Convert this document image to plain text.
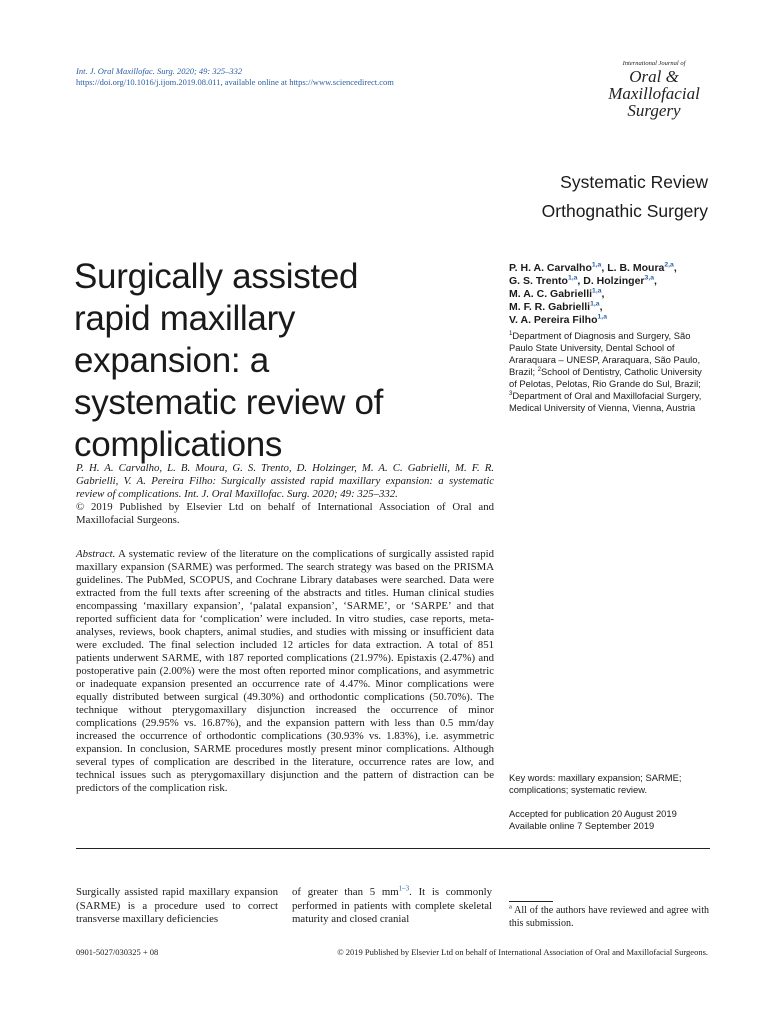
Int. J. Oral Maxillofac. Surg. 2020; 49: 325–332
https://doi.org/10.1016/j.ijom.2019.08.011, available online at https://www.sciencedirect.com
International Journal of
Oral &
Maxillofacial
Surgery
Systematic Review
Orthognathic Surgery
Surgically assisted rapid maxillary expansion: a systematic review of complications
P. H. A. Carvalho$^{1,a}$, L. B. Moura$^{2,a}$,
G. S. Trento$^{1,a}$, D. Holzinger$^{3,a}$,
M. A. C. Gabrielli$^{1,a}$,
M. F. R. Gabrielli$^{1,a}$,
V. A. Pereira Filho$^{1,a}$
$^1$Department of Diagnosis and Surgery, São Paulo State University, Dental School of Araraquara – UNESP, Araraquara, São Paulo, Brazil; $^2$School of Dentistry, Catholic University of Pelotas, Pelotas, Rio Grande do Sul, Brazil; $^3$Department of Oral and Maxillofacial Surgery, Medical University of Vienna, Vienna, Austria
P. H. A. Carvalho, L. B. Moura, G. S. Trento, D. Holzinger, M. A. C. Gabrielli, M. F. R. Gabrielli, V. A. Pereira Filho: Surgically assisted rapid maxillary expansion: a systematic review of complications. Int. J. Oral Maxillofac. Surg. 2020; 49: 325–332.
© 2019 Published by Elsevier Ltd on behalf of International Association of Oral and Maxillofacial Surgeons.
Abstract. A systematic review of the literature on the complications of surgically assisted rapid maxillary expansion (SARME) was performed. The search strategy was based on the PRISMA guidelines. The PubMed, SCOPUS, and Cochrane Library databases were searched. Data were extracted from the full texts after screening of the abstracts and titles. Human clinical studies encompassing ‘maxillary expansion’, ‘palatal expansion’, ‘SARME’, or ‘SARPE’ and that reported sufficient data for ‘complication’ were included. In vitro studies, case reports, meta-analyses, reviews, book chapters, animal studies, and studies with missing or insufficient data were excluded. The final selection included 12 articles for data extraction. A total of 851 patients underwent SARME, with 187 reported complications (21.97%). Epistaxis (2.47%) and postoperative pain (2.00%) were the most often reported minor complications, and asymmetric or inadequate expansion presented an occurrence rate of 4.47%. Minor complications were equally distributed between surgical (49.30%) and orthodontic complications (50.70%). The technique without pterygomaxillary disjunction increased the occurrence of minor complications (29.95% vs. 16.87%), and the expansion pattern with less than 0.5 mm/day increased the occurrence of orthodontic complications (30.93% vs. 1.83%), i.e. asymmetric expansion. In conclusion, SARME procedures mostly present minor complications. Although several types of complication are described in the literature, occurrence rates are low, and technical issues such as pterygomaxillary disjunction and the pattern of distraction can be predictors of the complication risk.
Key words: maxillary expansion; SARME; complications; systematic review.
Accepted for publication 20 August 2019
Available online 7 September 2019
Surgically assisted rapid maxillary expansion (SARME) is a procedure used to correct transverse maxillary deficiencies
of greater than 5 $mm^{1-3}$. It is commonly performed in patients with complete skeletal maturity and closed cranial
$^a$ All of the authors have reviewed and agree with this submission.
0901-5027/030325 + 08	© 2019 Published by Elsevier Ltd on behalf of International Association of Oral and Maxillofacial Surgeons.
